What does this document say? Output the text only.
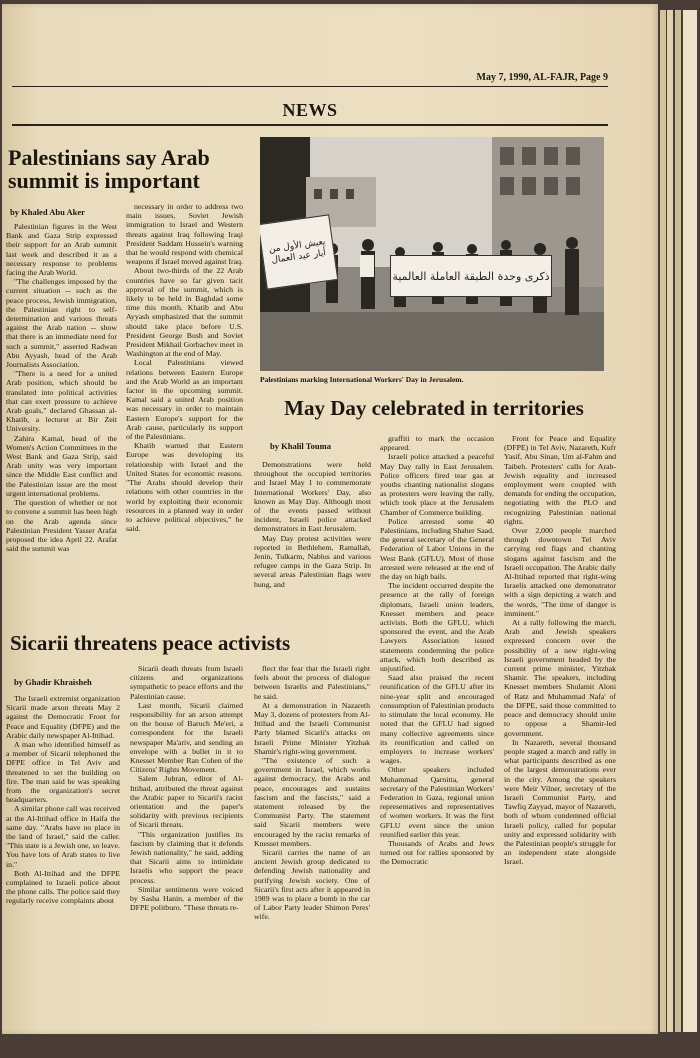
May 7, 1990, AL-FAJR, Page 9
NEWS
Palestinians say Arab summit is important
by Khaled Abu Aker

Palestinian figures in the West Bank and Gaza Strip expressed their support for an Arab summit last week and described it as a necessary response to problems facing the Arab World.

"The challenges imposed by the current situation -- such as the peace process, Jewish immigration, the Palestinian right to self-determination and various threats against the Arab nation -- show that there is an immediate need for such a summit," asserted Radwan Abu Ayyash, head of the Arab Journalists Association.

"There is a need for a united Arab position, which should be translated into political activities that can exert pressure to achieve Arab goals," declared Ghassan al-Khatib, a lecturer at Bir Zeit University.

Zahira Kamal, head of the Women's Action Committees in the West Bank and Gaza Strip, said Arab unity was very important since the Middle East conflict and the Palestinian issue are the most urgent international problems.

The question of whether or not to convene a summit has been high on the Arab agenda since Palestinian President Yasser Arafat proposed the idea April 22. Arafat said the summit was

necessary in order to address two main issues, Soviet Jewish immigration to Israel and Western threats against Iraq following Iraqi President Saddam Hussein's warning that he would respond with chemical weapons if Israel moved against Iraq.

About two-thirds of the 22 Arab countries have so far given tacit approval of the summit, which is likely to be held in Baghdad some time this month. Khatib and Abu Ayyash emphasized that the summit should take place before U.S. President George Bush and Soviet President Mikhail Gorbachev meet in Washington at the end of May.

Local Palestinians viewed relations between Eastern Europe and the Arab World as an important factor in the upcoming summit. Kamal said a united Arab position was necessary in order to maintain Eastern Europe's support for the Arab cause, particularly its support of the Palestinians.

Khatib warned that Eastern Europe was developing its relationship with Israel and the United States for economic reasons. "The Arabs should develop their relations with other countries in the world by exploiting their economic resources in a planned way in order to achieve political objectives," he said.

يعيش الأول من أيار عيد العمال
ذكرى وحدة الطبقة العاملة العالمية
Palestinians marking International Workers' Day in Jerusalem.
May Day celebrated in territories
by Khalil Touma

Demonstrations were held throughout the occupied territories and Israel May 1 to commemorate International Workers' Day, also known as May Day. Although most of the events passed without incident, Israeli police attacked demonstrators in East Jerusalem.

May Day protest activities were reported in Bethlehem, Ramallah, Jenin, Tulkarm, Nablus and various refugee camps in the Gaza Strip. In several areas Palestinian flags were hung, and

graffiti to mark the occasion appeared.

Israeli police attacked a peaceful May Day rally in East Jerusalem. Police officers fired tear gas at youths chanting nationalist slogans as protesters were leaving the rally, which took place at the Jerusalem Chamber of Commerce building.

Police arrested some 40 Palestinians, including Shaher Saad, the general secretary of the General Federation of Labor Unions in the West Bank (GFLU). Most of those arrested were released at the end of the day on high bails.

The incident occurred despite the presence at the rally of foreign diplomats, Israeli union leaders, Knesset members and peace activists. Both the GFLU, which sponsored the event, and the Arab Lawyers Association issued statements condemning the police attack, which both described as unjustified.

Saad also praised the recent reunification of the GFLU after its nine-year split and encouraged consumption of Palestinian products to stimulate the local economy. He noted that the GFLU had signed many collective agreements since its reunification and called on employers to increase workers' wages.

Other speakers included Muhammad Qarnitta, general secretary of the Palestinian Workers' Federation in Gaza, regional union representatives and representatives of women workers. It was the first GFLU event since the union reunified earlier this year.

Thousands of Arabs and Jews turned out for rallies sponsored by the Democratic

Front for Peace and Equality (DFPE) in Tel Aviv, Nazareth, Kufr Yasif, Abu Sinan, Um al-Fahm and Taibeh. Protesters' calls for Arab-Jewish equality and increased employment were coupled with demands for ending the occupation, negotiating with the PLO and recognizing Palestinian national rights.

Over 2,000 people marched through downtown Tel Aviv carrying red flags and chanting slogans against fascism and the Israeli occupation. The Arabic daily Al-Ittihad reported that right-wing Israelis attacked one demonstrator with a sign depicting a watch and the words, "The time of danger is imminent."

At a rally following the march, Arab and Jewish speakers expressed concern over the possibility of a new right-wing Israeli government headed by the current prime minister, Yitzhak Shamir. The speakers, including Knesset members Shulamit Aloni of Ratz and Muhammad Nafa' of the DFPE, said those committed to peace and democracy should unite to oppose a Shamir-led government.

In Nazareth, several thousand people staged a march and rally in what participants described as one of the largest demonstrations ever in the city. Among the speakers were Meir Vilner, secretary of the Israeli Communist Party, and Tawfiq Zayyad, mayor of Nazareth, both of whom condemned official Israeli policy, called for popular unity and expressed solidarity with the Palestinian people's struggle for an independent state alongside Israel.

Sicarii threatens peace activists
by Ghadir Khraisheh

The Israeli extremist organization Sicarii made arson threats May 2 against the Democratic Front for Peace and Equality (DFPE) and the Arabic daily newspaper Al-Ittihad.

A man who identified himself as a member of Sicarii telephoned the DFPE office in Tel Aviv and threatened to set the building on fire. The man said he was speaking from the organization's secret headquarters.

A similar phone call was received at the Al-Ittihad office in Haifa the same day. "Arabs have no place in the land of Israel," said the caller. "This state is a Jewish one, so leave. You have lots of Arab states to live in."

Both Al-Ittihad and the DFPE complained to Israeli police about the phone calls. The police said they regularly receive complaints about

Sicarii death threats from Israeli citizens and organizations sympathetic to peace efforts and the Palestinian cause.

Last month, Sicarii claimed responsibility for an arson attempt on the house of Baruch Me'eri, a correspondent for the Israeli newspaper Ma'ariv, and sending an envelope with a bullet in it to Knesset Member Ran Cohen of the Citizens' Rights Movement.

Salem Jubran, editor of Al-Ittihad, attributed the threat against the Arabic paper to Sicarii's racist orientation and the paper's solidarity with previous recipients of Sicarii threats.

"This organization justifies its fascism by claiming that it defends Jewish nationality," he said, adding that Sicarii aims to intimidate Israelis who support the peace process.

Similar sentiments were voiced by Sasha Hanin, a member of the DFPE politburo. "These threats re-

flect the fear that the Israeli right feels about the process of dialogue between Israelis and Palestinians," he said.

At a demonstration in Nazareth May 3, dozens of protesters from Al-Ittihad and the Israeli Communist Party blamed Sicarii's attacks on Israeli Prime Minister Yitzhak Shamir's right-wing government.

"The existence of such a government in Israel, which works against democracy, the Arabs and peace, encourages and sustains fascism and the fascists," said a statement released by the Communist Party. The statement said Sicarii members were encouraged by the racist remarks of Knesset members.

Sicarii carries the name of an ancient Jewish group dedicated to defending Jewish nationality and purifying Jewish society. One of Sicarii's first acts after it appeared in 1989 was to place a bomb in the car of Labor Party leader Shimon Peres' wife.
